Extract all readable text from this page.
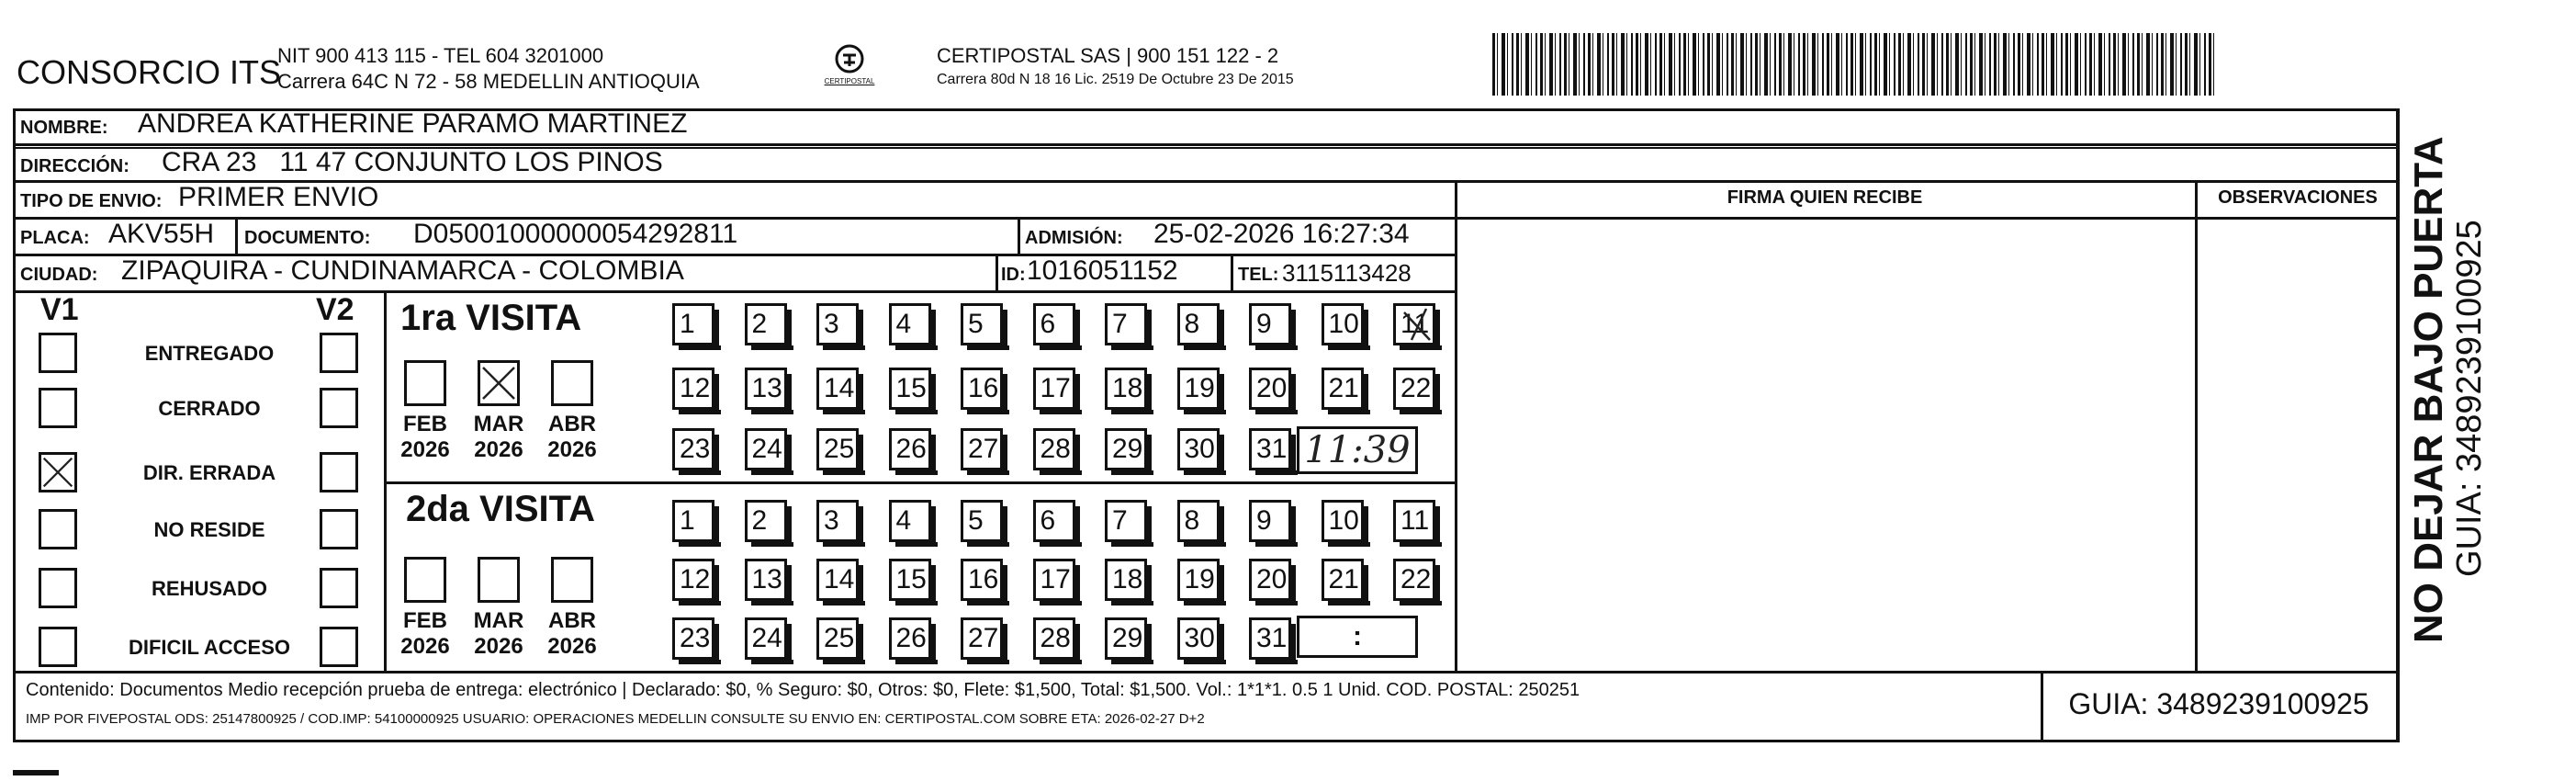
CONSORCIO ITS
NIT 900 413 115 - TEL 604 3201000
Carrera 64C N 72 - 58 MEDELLIN ANTIOQUIA	CERTIPOSTAL
CERTIPOSTAL SAS | 900 151 122 - 2
Carrera 80d N 18 16 Lic. 2519 De Octubre 23 De 2015
NOMBRE: ANDREA KATHERINE PARAMO MARTINEZ
DIRECCIÓN: CRA 23   11 47 CONJUNTO LOS PINOS
TIPO DE ENVIO: PRIMER ENVIO	FIRMA QUIEN RECIBE	OBSERVACIONES
PLACA: AKV55H DOCUMENTO: D05001000000054292811	ADMISIÓN: 25-02-2026 16:27:34
CIUDAD: ZIPAQUIRA - CUNDINAMARCA - COLOMBIA	ID: 1016051152	TEL: 3115113428
V1	V2
ENTREGADO
CERRADO
DIR. ERRADA
NO RESIDE
REHUSADO
DIFICIL ACCESO
1ra VISITA
FEB
2026
MAR
2026
ABR
2026
1	2	3	4	5	6	7	8	9	10 11
12 13 14 15 16 17 18 19 20 21 22
23 24 25 26 27 28 29 30 31
2da VISITA
FEB
2026
MAR
2026
ABR
2026
1	2	3	4	5	6	7	8	9	10 11
12 13 14 15 16 17 18 19 20 21 22
23 24 25 26 27 28 29 30 31
11:39
:
Contenido: Documentos Medio recepción prueba de entrega: electrónico | Declarado: $0, % Seguro: $0, Otros: $0, Flete: $1,500, Total: $1,500. Vol.: 1*1*1. 0.5 1 Unid. COD. POSTAL: 250251
IMP POR FIVEPOSTAL ODS: 25147800925 / COD.IMP: 54100000925 USUARIO: OPERACIONES MEDELLIN CONSULTE SU ENVIO EN: CERTIPOSTAL.COM SOBRE ETA: 2026-02-27 D+2	GUIA: 3489239100925
NO DEJAR BAJO PUERTA GUIA: 3489239100925
